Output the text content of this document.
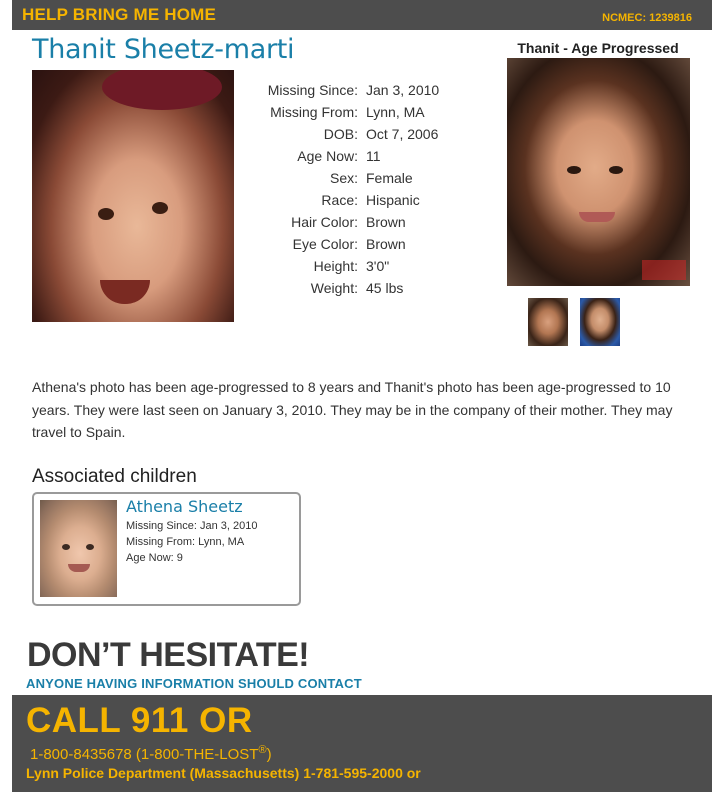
HELP BRING ME HOME	NCMEC: 1239816
Thanit Sheetz-marti
Missing Since: Jan 3, 2010
Missing From: Lynn, MA
DOB: Oct 7, 2006
Age Now: 11
Sex: Female
Race: Hispanic
Hair Color: Brown
Eye Color: Brown
Height: 3'0"
Weight: 45 lbs
Thanit - Age Progressed
Athena's photo has been age-progressed to 8 years and Thanit's photo has been age-progressed to 10 years. They were last seen on January 3, 2010. They may be in the company of their mother. They may travel to Spain.
Associated children
Athena Sheetz
Missing Since: Jan 3, 2010
Missing From: Lynn, MA
Age Now: 9
DON’T HESITATE!
ANYONE HAVING INFORMATION SHOULD CONTACT
CALL 911 OR
1-800-8435678 (1-800-THE-LOST®)
Lynn Police Department (Massachusetts) 1-781-595-2000 or
